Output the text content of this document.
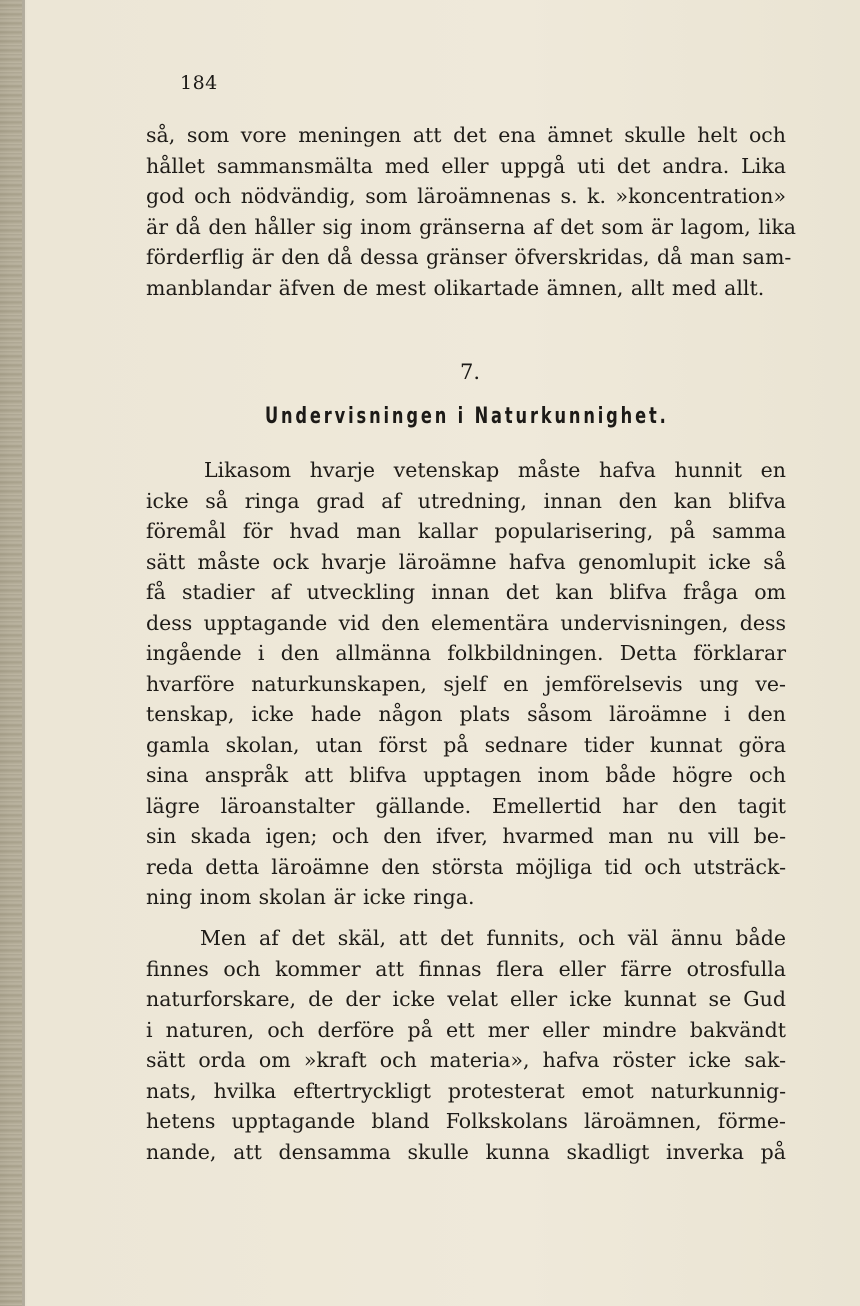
184
så, som vore meningen att det ena ämnet skulle helt och
hållet sammansmälta med eller uppgå uti det andra. Lika
god och nödvändig, som läroämnenas s. k. »koncentration»
är då den håller sig inom gränserna af det som är lagom, lika
förderflig är den då dessa gränser öfverskridas, då man sam-
manblandar äfven de mest olikartade ämnen, allt med allt.
7.
Undervisningen i Naturkunnighet.
Likasom hvarje vetenskap måste hafva hunnit en
icke så ringa grad af utredning, innan den kan blifva
föremål för hvad man kallar popularisering, på samma
sätt måste ock hvarje läroämne hafva genomlupit icke så
få stadier af utveckling innan det kan blifva fråga om
dess upptagande vid den elementära undervisningen, dess
ingående i den allmänna folkbildningen. Detta förklarar
hvarföre naturkunskapen, sjelf en jemförelsevis ung ve-
tenskap, icke hade någon plats såsom läroämne i den
gamla skolan, utan först på sednare tider kunnat göra
sina anspråk att blifva upptagen inom både högre och
lägre läroanstalter gällande. Emellertid har den tagit
sin skada igen; och den ifver, hvarmed man nu vill be-
reda detta läroämne den största möjliga tid och utsträck-
ning inom skolan är icke ringa.
Men af det skäl, att det funnits, och väl ännu både
finnes och kommer att finnas flera eller färre otrosfulla
naturforskare, de der icke velat eller icke kunnat se Gud
i naturen, och derföre på ett mer eller mindre bakvändt
sätt orda om »kraft och materia», hafva röster icke sak-
nats, hvilka eftertryckligt protesterat emot naturkunnig-
hetens upptagande bland Folkskolans läroämnen, förme-
nande, att densamma skulle kunna skadligt inverka på
